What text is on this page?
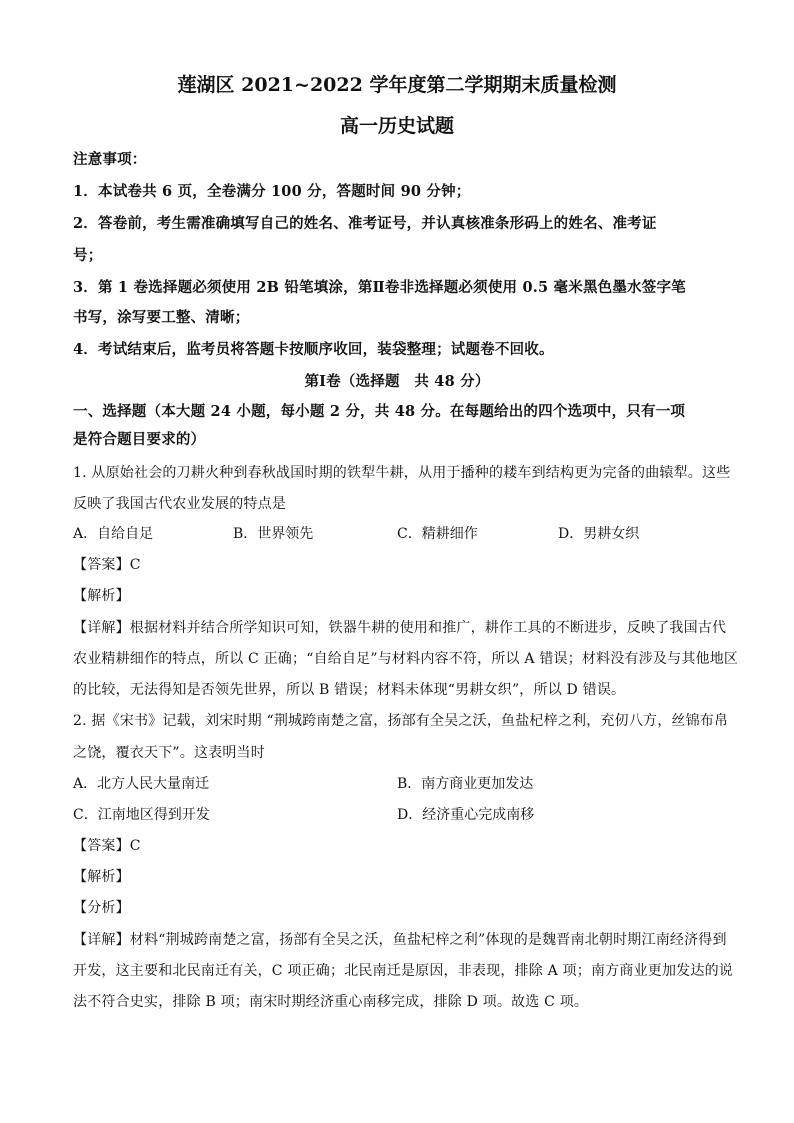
莲湖区 2021~2022 学年度第二学期期末质量检测
高一历史试题
注意事项：
1．本试卷共 6 页，全卷满分 100 分，答题时间 90 分钟；
2．答卷前，考生需准确填写自己的姓名、准考证号，并认真核准条形码上的姓名、准考证
号；
3．第 1 卷选择题必须使用 2B 铅笔填涂，第Ⅱ卷非选择题必须使用 0.5 毫米黑色墨水签字笔
书写，涂写要工整、清晰；
4．考试结束后，监考员将答题卡按顺序收回，装袋整理；试题卷不回收。
第Ⅰ卷（选择题　共 48 分）
一、选择题（本大题 24 小题，每小题 2 分，共 48 分。在每题给出的四个选项中，只有一项
是符合题目要求的）
1. 从原始社会的刀耕火种到春秋战国时期的铁犁牛耕，从用于播种的耧车到结构更为完备的曲辕犁。这些
反映了我国古代农业发展的特点是
A．自给自足	B．世界领先	C．精耕细作	D．男耕女织
【答案】C
【解析】
【详解】根据材料并结合所学知识可知，铁器牛耕的使用和推广，耕作工具的不断进步，反映了我国古代
农业精耕细作的特点，所以 C 正确；“自给自足”与材料内容不符，所以 A 错误；材料没有涉及与其他地区
的比较，无法得知是否领先世界，所以 B 错误；材料未体现“男耕女织”，所以 D 错误。
2. 据《宋书》记载，刘宋时期 “荆城跨南楚之富，扬部有全吴之沃，鱼盐杞梓之利，充仞八方，丝锦布帛
之饶，覆衣天下”。这表明当时
A．北方人民大量南迁	B．南方商业更加发达
C．江南地区得到开发	D．经济重心完成南移
【答案】C
【解析】
【分析】
【详解】材料“荆城跨南楚之富，扬部有全吴之沃，鱼盐杞梓之利”体现的是魏晋南北朝时期江南经济得到
开发，这主要和北民南迁有关，C 项正确；北民南迁是原因，非表现，排除 A 项；南方商业更加发达的说
法不符合史实，排除 B 项；南宋时期经济重心南移完成，排除 D 项。故选 C 项。
